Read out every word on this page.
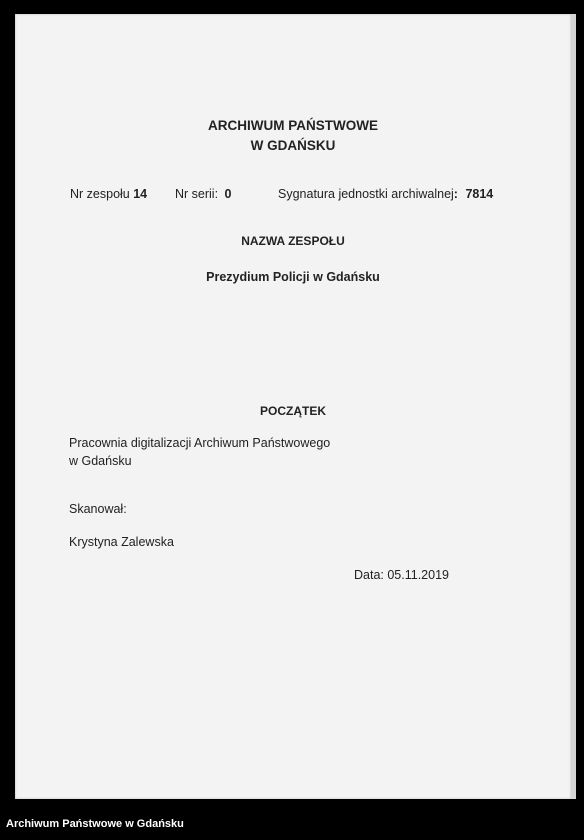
ARCHIWUM PAŃSTWOWE
W GDAŃSKU
Nr zespołu 14 Nr serii: 0	Sygnatura jednostki archiwalnej: 7814
NAZWA ZESPOŁU
Prezydium Policji w Gdańsku
POCZĄTEK
Pracownia digitalizacji Archiwum Państwowego
w Gdańsku
Skanował:
Krystyna Zalewska
Data: 05.11.2019
Archiwum Państwowe w Gdańsku
